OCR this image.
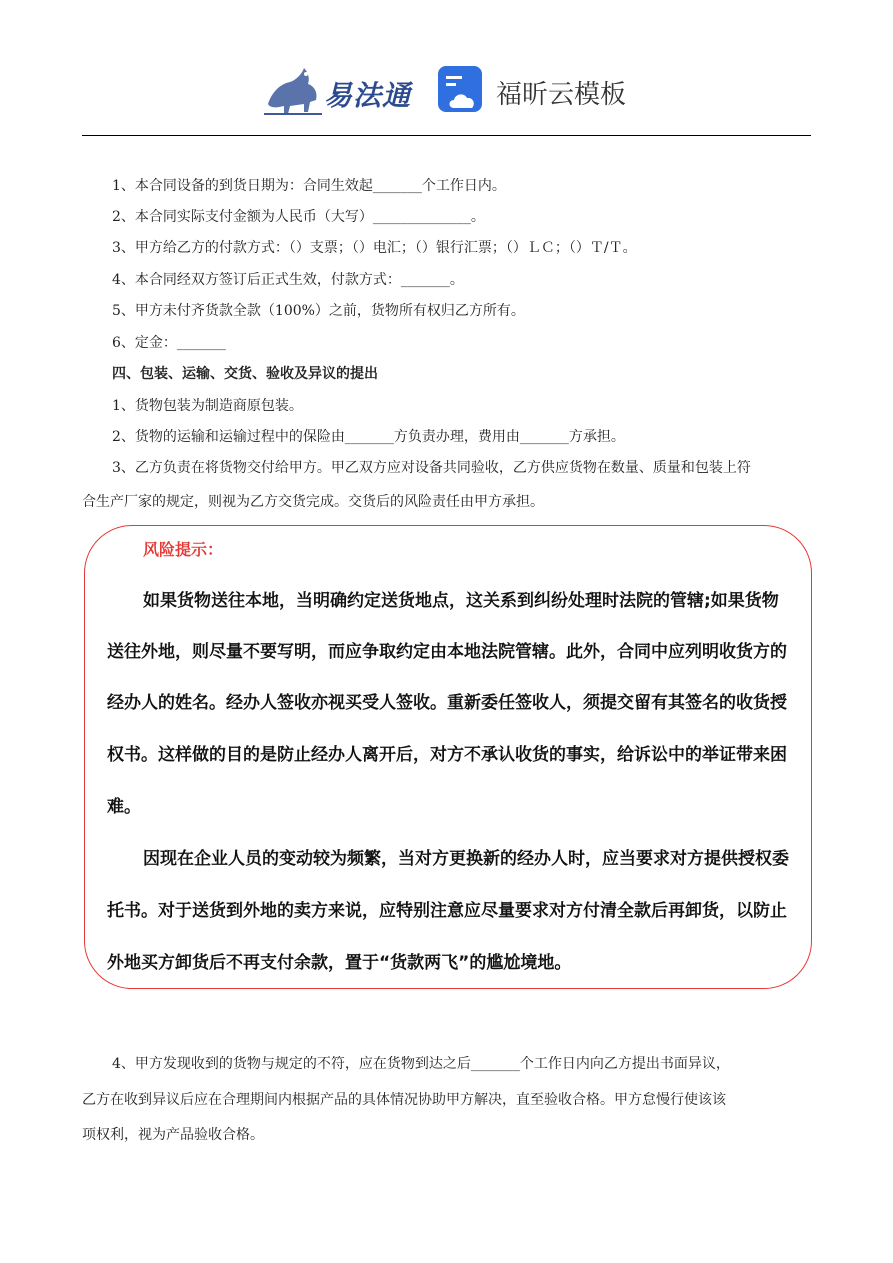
易法通	福昕云模板
1、本合同设备的到货日期为：合同生效起_______个工作日内。
2、本合同实际支付金额为人民币（大写）______________。
3、甲方给乙方的付款方式：（）支票；（）电汇；（）银行汇票；（）ＬＣ；（）Ｔ/Ｔ。
4、本合同经双方签订后正式生效，付款方式：_______。
5、甲方未付齐货款全款（100%）之前，货物所有权归乙方所有。
6、定金：_______
四、包装、运输、交货、验收及异议的提出
1、货物包装为制造商原包装。
2、货物的运输和运输过程中的保险由_______方负责办理，费用由_______方承担。
3、乙方负责在将货物交付给甲方。甲乙双方应对设备共同验收，乙方供应货物在数量、质量和包装上符
合生产厂家的规定，则视为乙方交货完成。交货后的风险责任由甲方承担。
风险提示：
如果货物送往本地，当明确约定送货地点，这关系到纠纷处理时法院的管辖;如果货物
送往外地，则尽量不要写明，而应争取约定由本地法院管辖。此外，合同中应列明收货方的
经办人的姓名。经办人签收亦视买受人签收。重新委任签收人，须提交留有其签名的收货授
权书。这样做的目的是防止经办人离开后，对方不承认收货的事实，给诉讼中的举证带来困
难。
因现在企业人员的变动较为频繁，当对方更换新的经办人时，应当要求对方提供授权委
托书。对于送货到外地的卖方来说，应特别注意应尽量要求对方付清全款后再卸货，以防止
外地买方卸货后不再支付余款，置于“货款两飞”的尴尬境地。
4、甲方发现收到的货物与规定的不符，应在货物到达之后_______个工作日内向乙方提出书面异议，
乙方在收到异议后应在合理期间内根据产品的具体情况协助甲方解决，直至验收合格。甲方怠慢行使该该
项权利，视为产品验收合格。
